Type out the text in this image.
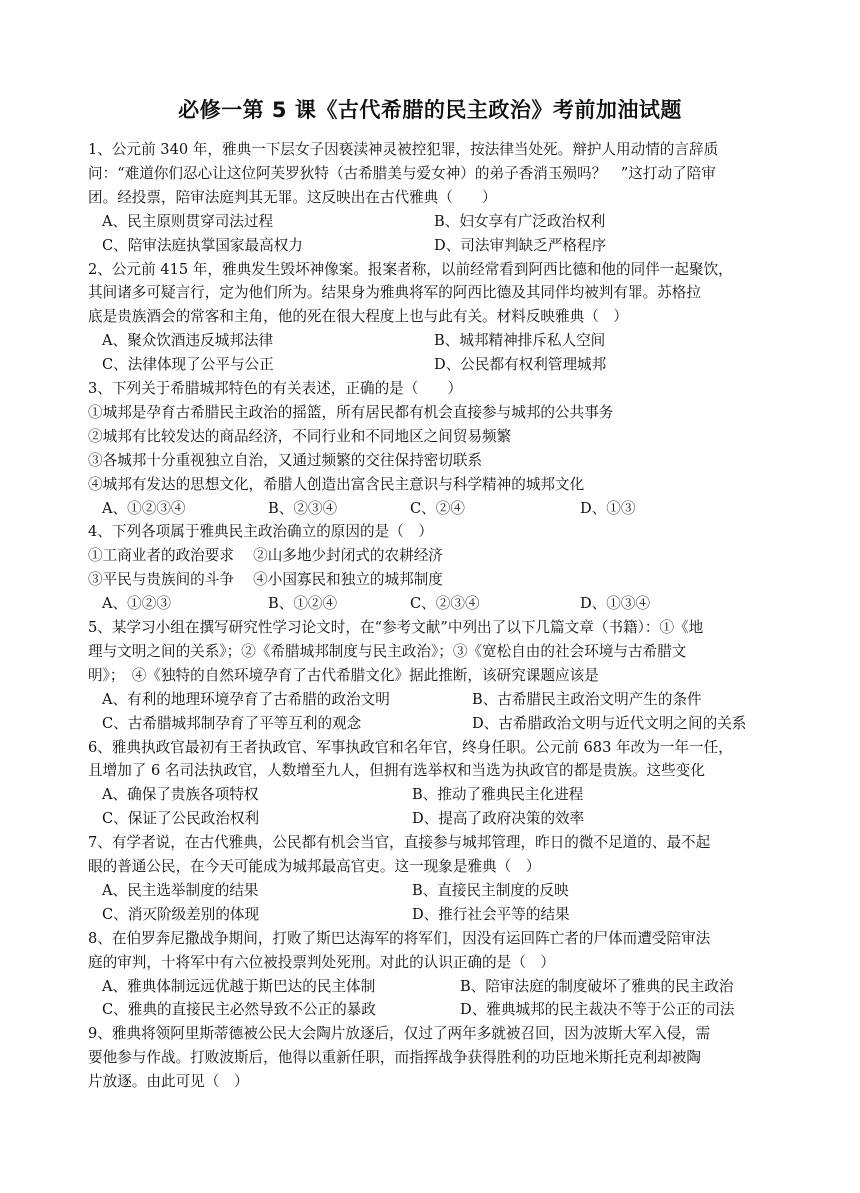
必修一第 5 课《古代希腊的民主政治》考前加油试题
1、公元前 340 年，雅典一下层女子因亵渎神灵被控犯罪，按法律当处死。辩护人用动情的言辞质
问：“难道你们忍心让这位阿芙罗狄特（古希腊美与爱女神）的弟子香消玉殒吗？　”这打动了陪审
团。经投票，陪审法庭判其无罪。这反映出在古代雅典（　　）
A、民主原则贯穿司法过程	B、妇女享有广泛政治权利
C、陪审法庭执掌国家最高权力	D、司法审判缺乏严格程序
2、公元前 415 年，雅典发生毁坏神像案。报案者称，以前经常看到阿西比德和他的同伴一起聚饮，
其间诸多可疑言行，定为他们所为。结果身为雅典将军的阿西比德及其同伴均被判有罪。苏格拉
底是贵族酒会的常客和主角，他的死在很大程度上也与此有关。材料反映雅典（　）
A、聚众饮酒违反城邦法律	B、城邦精神排斥私人空间
C、法律体现了公平与公正	D、公民都有权利管理城邦
3、下列关于希腊城邦特色的有关表述，正确的是（　　）
①城邦是孕育古希腊民主政治的摇篮，所有居民都有机会直接参与城邦的公共事务
②城邦有比较发达的商品经济，不同行业和不同地区之间贸易频繁
③各城邦十分重视独立自治，又通过频繁的交往保持密切联系
④城邦有发达的思想文化，希腊人创造出富含民主意识与科学精神的城邦文化
A、①②③④	B、②③④	C、②④	D、①③
4、下列各项属于雅典民主政治确立的原因的是（　）
①工商业者的政治要求　 ②山多地少封闭式的农耕经济
③平民与贵族间的斗争　 ④小国寡民和独立的城邦制度
A、①②③	B、①②④	C、②③④	D、①③④
5、某学习小组在撰写研究性学习论文时，在“参考文献”中列出了以下几篇文章（书籍）：①《地
理与文明之间的关系》；②《希腊城邦制度与民主政治》；③《宽松自由的社会环境与古希腊文
明》；　④《独特的自然环境孕育了古代希腊文化》据此推断，该研究课题应该是
A、有利的地理环境孕育了古希腊的政治文明	B、古希腊民主政治文明产生的条件
C、古希腊城邦制孕育了平等互利的观念	D、古希腊政治文明与近代文明之间的关系
6、雅典执政官最初有王者执政官、军事执政官和名年官，终身任职。公元前 683 年改为一年一任，
且增加了 6 名司法执政官，人数增至九人，但拥有选举权和当选为执政官的都是贵族。这些变化
A、确保了贵族各项特权	B、推动了雅典民主化进程
C、保证了公民政治权利	D、提高了政府决策的效率
7、有学者说，在古代雅典，公民都有机会当官，直接参与城邦管理，昨日的微不足道的、最不起
眼的普通公民，在今天可能成为城邦最高官吏。这一现象是雅典（　）
A、民主选举制度的结果	B、直接民主制度的反映
C、消灭阶级差别的体现	D、推行社会平等的结果
8、在伯罗奔尼撒战争期间，打败了斯巴达海军的将军们，因没有运回阵亡者的尸体而遭受陪审法
庭的审判，十将军中有六位被投票判处死刑。对此的认识正确的是（　）
A、雅典体制远远优越于斯巴达的民主体制	B、陪审法庭的制度破坏了雅典的民主政治
C、雅典的直接民主必然导致不公正的暴政	D、雅典城邦的民主裁决不等于公正的司法
9、雅典将领阿里斯蒂德被公民大会陶片放逐后，仅过了两年多就被召回，因为波斯大军入侵，需
要他参与作战。打败波斯后，他得以重新任职，而指挥战争获得胜利的功臣地米斯托克利却被陶
片放逐。由此可见（　）
